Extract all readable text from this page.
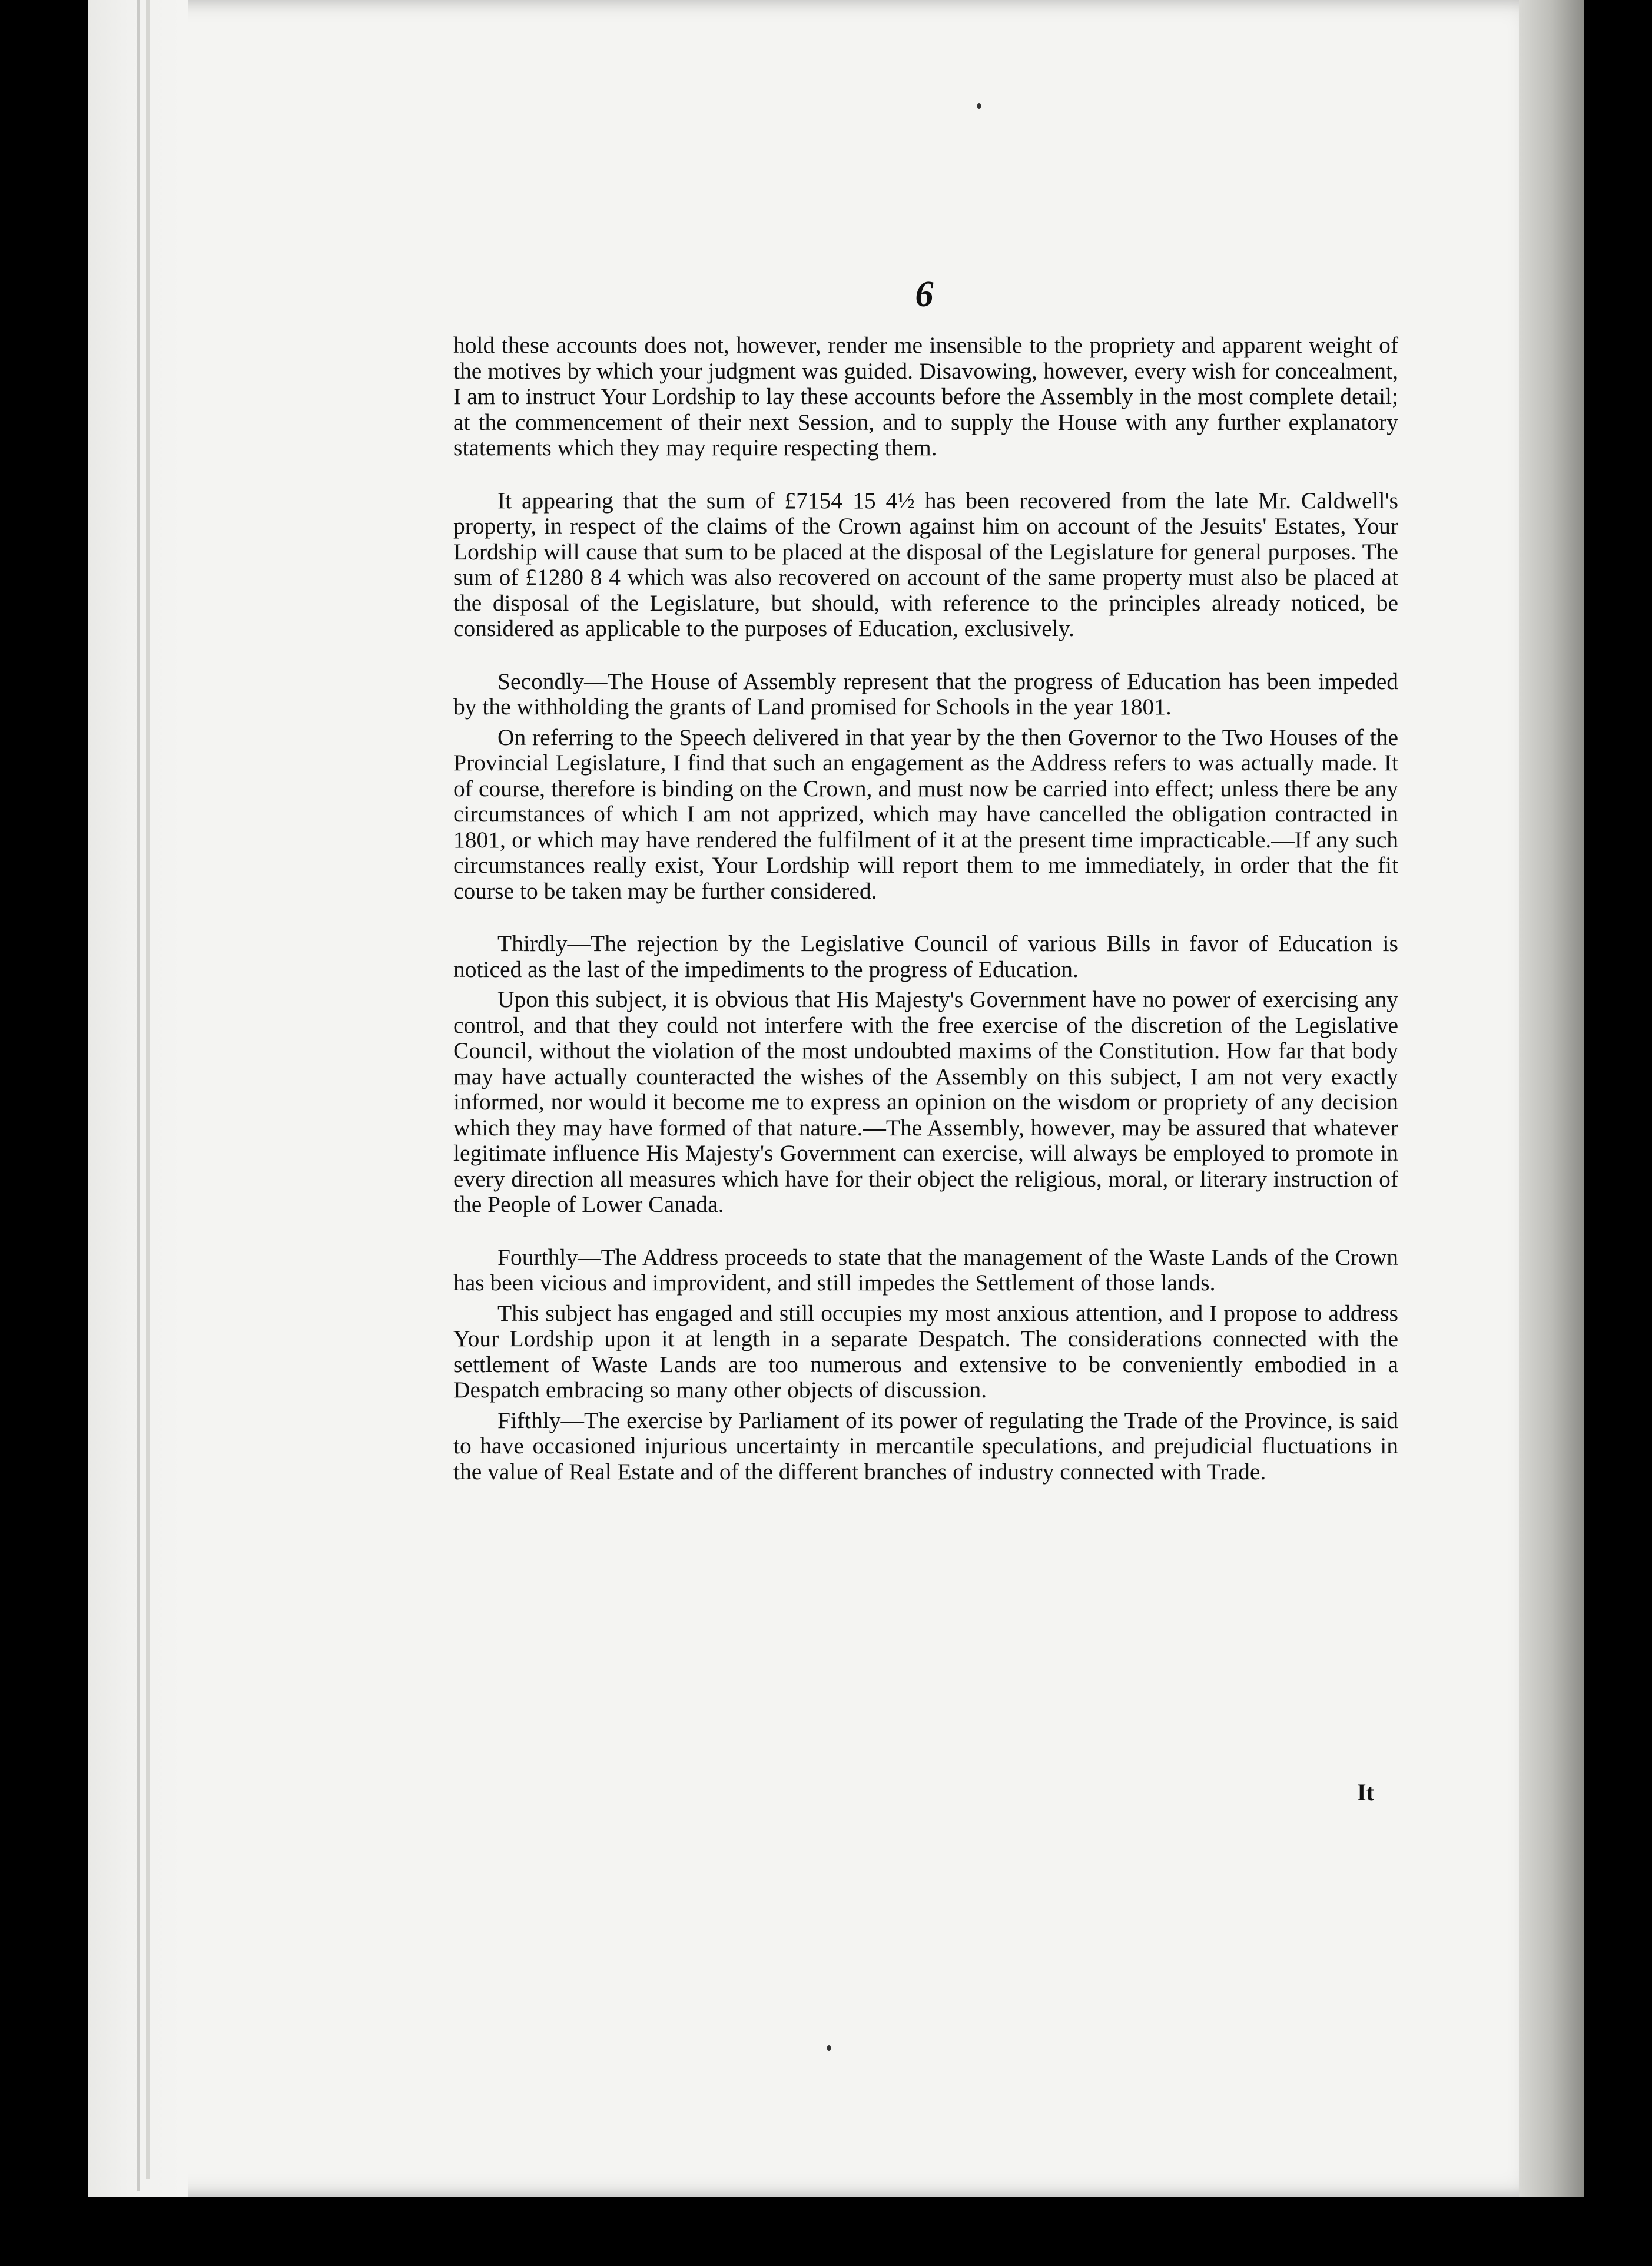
6

hold these accounts does not, however, render me insensible to the propriety and apparent weight of the motives by which your judgment was guided. Disavowing, however, every wish for concealment, I am to instruct Your Lordship to lay these accounts before the Assembly in the most complete detail; at the commencement of their next Session, and to supply the House with any further explanatory statements which they may require respecting them.

It appearing that the sum of £7154 15 4½ has been recovered from the late Mr. Caldwell's property, in respect of the claims of the Crown against him on account of the Jesuits' Estates, Your Lordship will cause that sum to be placed at the disposal of the Legislature for general purposes. The sum of £1280 8 4 which was also recovered on account of the same property must also be placed at the disposal of the Legislature, but should, with reference to the principles already noticed, be considered as applicable to the purposes of Education, exclusively.

Secondly—The House of Assembly represent that the progress of Education has been impeded by the withholding the grants of Land promised for Schools in the year 1801.

On referring to the Speech delivered in that year by the then Governor to the Two Houses of the Provincial Legislature, I find that such an engagement as the Address refers to was actually made. It of course, therefore is binding on the Crown, and must now be carried into effect; unless there be any circumstances of which I am not apprized, which may have cancelled the obligation contracted in 1801, or which may have rendered the fulfilment of it at the present time impracticable.—If any such circumstances really exist, Your Lordship will report them to me immediately, in order that the fit course to be taken may be further considered.

Thirdly—The rejection by the Legislative Council of various Bills in favor of Education is noticed as the last of the impediments to the progress of Education.

Upon this subject, it is obvious that His Majesty's Government have no power of exercising any control, and that they could not interfere with the free exercise of the discretion of the Legislative Council, without the violation of the most undoubted maxims of the Constitution. How far that body may have actually counteracted the wishes of the Assembly on this subject, I am not very exactly informed, nor would it become me to express an opinion on the wisdom or propriety of any decision which they may have formed of that nature.—The Assembly, however, may be assured that whatever legitimate influence His Majesty's Government can exercise, will always be employed to promote in every direction all measures which have for their object the religious, moral, or literary instruction of the People of Lower Canada.

Fourthly—The Address proceeds to state that the management of the Waste Lands of the Crown has been vicious and improvident, and still impedes the Settlement of those lands.

This subject has engaged and still occupies my most anxious attention, and I propose to address Your Lordship upon it at length in a separate Despatch. The considerations connected with the settlement of Waste Lands are too numerous and extensive to be conveniently embodied in a Despatch embracing so many other objects of discussion.

Fifthly—The exercise by Parliament of its power of regulating the Trade of the Province, is said to have occasioned injurious uncertainty in mercantile speculations, and prejudicial fluctuations in the value of Real Estate and of the different branches of industry connected with Trade.

It
